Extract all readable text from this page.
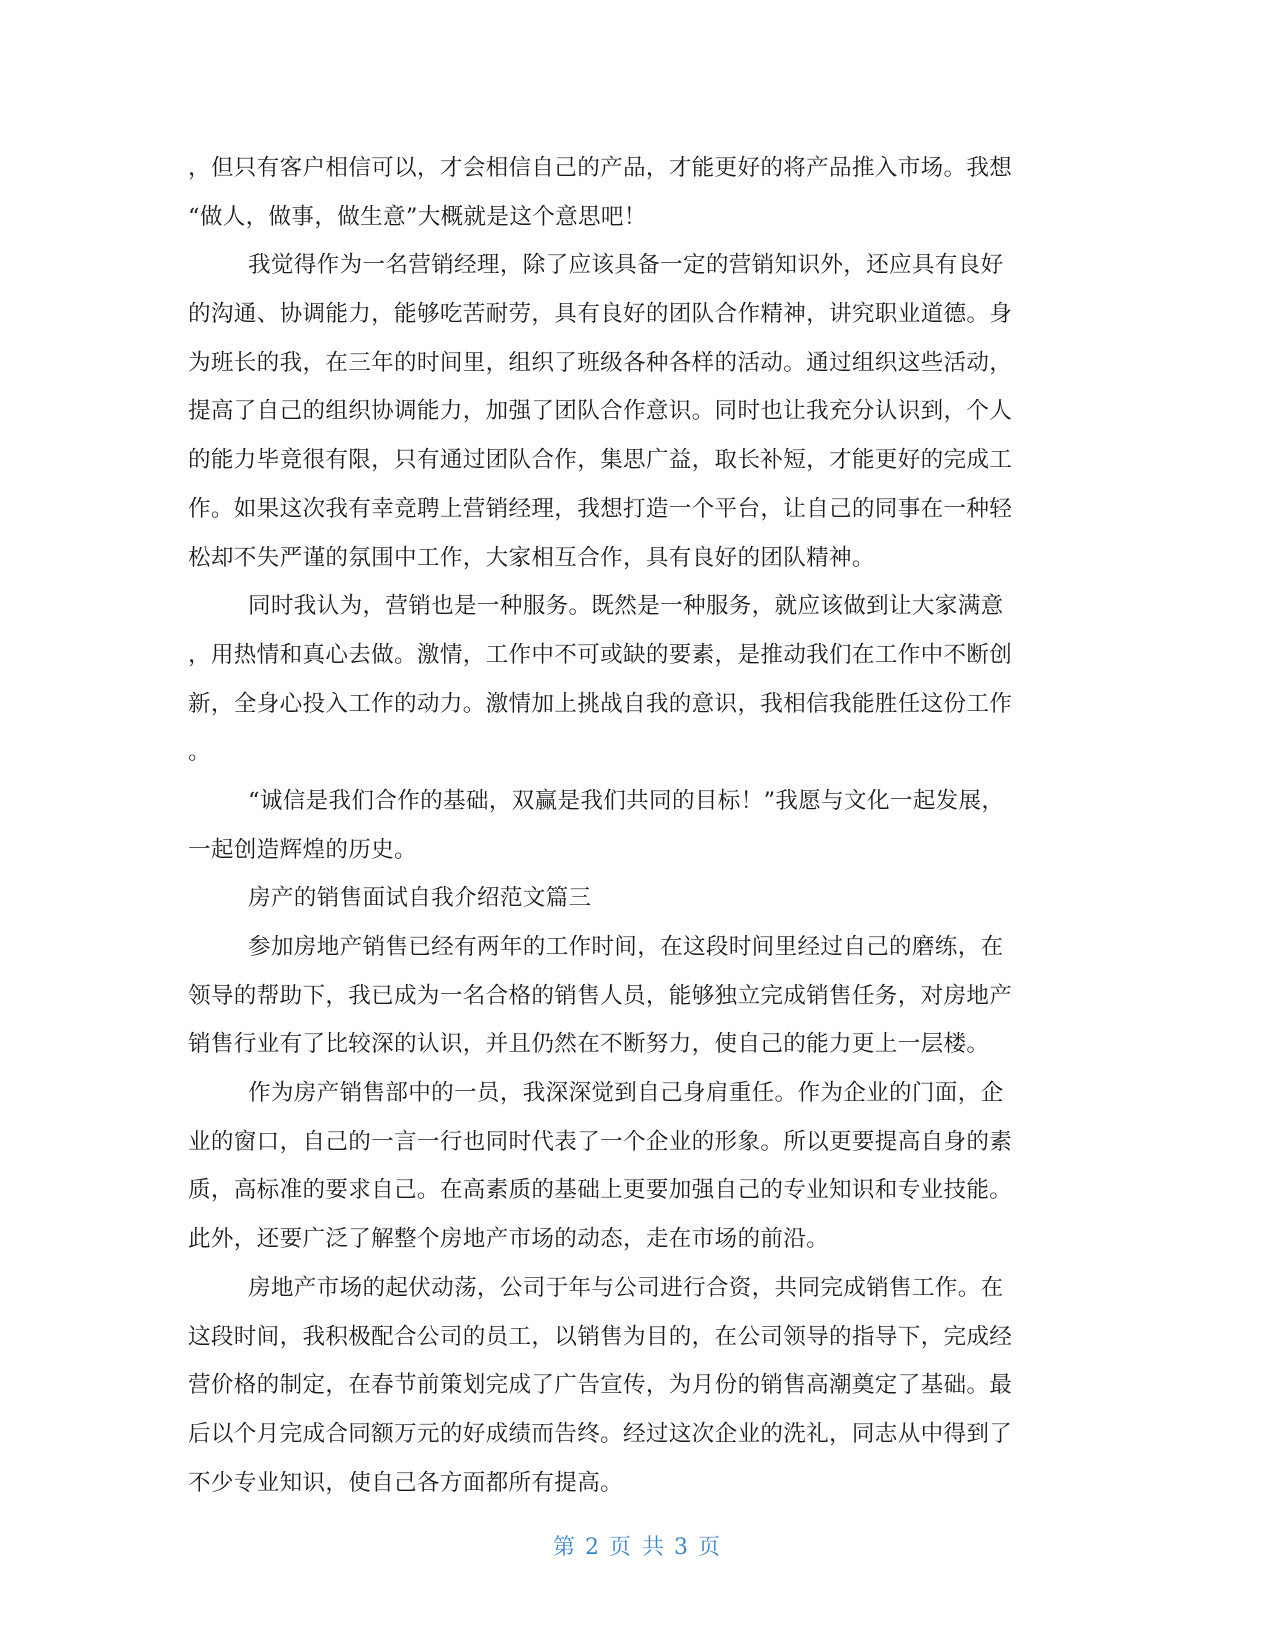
，但只有客户相信可以，才会相信自己的产品，才能更好的将产品推入市场。我想

“做人，做事，做生意”大概就是这个意思吧！

我觉得作为一名营销经理，除了应该具备一定的营销知识外，还应具有良好

的沟通、协调能力，能够吃苦耐劳，具有良好的团队合作精神，讲究职业道德。身

为班长的我，在三年的时间里，组织了班级各种各样的活动。通过组织这些活动，

提高了自己的组织协调能力，加强了团队合作意识。同时也让我充分认识到，个人

的能力毕竟很有限，只有通过团队合作，集思广益，取长补短，才能更好的完成工

作。如果这次我有幸竞聘上营销经理，我想打造一个平台，让自己的同事在一种轻

松却不失严谨的氛围中工作，大家相互合作，具有良好的团队精神。

同时我认为，营销也是一种服务。既然是一种服务，就应该做到让大家满意

，用热情和真心去做。激情，工作中不可或缺的要素，是推动我们在工作中不断创

新，全身心投入工作的动力。激情加上挑战自我的意识，我相信我能胜任这份工作

。

“诚信是我们合作的基础，双赢是我们共同的目标！”我愿与文化一起发展，

一起创造辉煌的历史。

房产的销售面试自我介绍范文篇三

参加房地产销售已经有两年的工作时间，在这段时间里经过自己的磨练，在

领导的帮助下，我已成为一名合格的销售人员，能够独立完成销售任务，对房地产

销售行业有了比较深的认识，并且仍然在不断努力，使自己的能力更上一层楼。

作为房产销售部中的一员，我深深觉到自己身肩重任。作为企业的门面，企

业的窗口，自己的一言一行也同时代表了一个企业的形象。所以更要提高自身的素

质，高标准的要求自己。在高素质的基础上更要加强自己的专业知识和专业技能。

此外，还要广泛了解整个房地产市场的动态，走在市场的前沿。

房地产市场的起伏动荡，公司于年与公司进行合资，共同完成销售工作。在

这段时间，我积极配合公司的员工，以销售为目的，在公司领导的指导下，完成经

营价格的制定，在春节前策划完成了广告宣传，为月份的销售高潮奠定了基础。最

后以个月完成合同额万元的好成绩而告终。经过这次企业的洗礼，同志从中得到了

不少专业知识，使自己各方面都所有提高。

第 2 页 共 3 页
